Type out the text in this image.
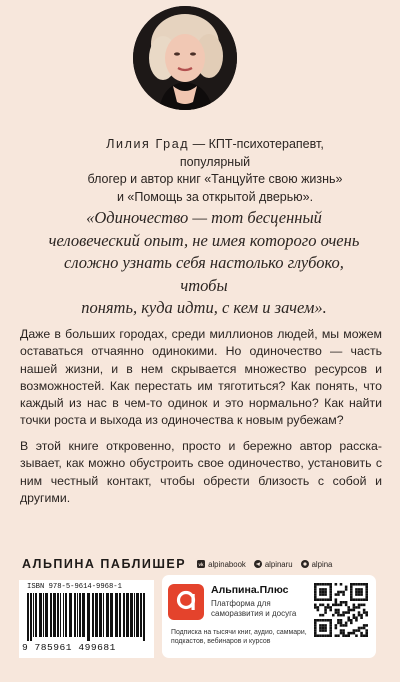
Лилия Град — КПТ-психотерапевт, популярный
блогер и автор книг «Танцуйте свою жизнь»
и «Помощь за открытой дверью».
«Одиночество — тот бесценный
человеческий опыт, не имея которого очень
сложно узнать себя настолько глубоко, чтобы
понять, куда идти, с кем и зачем».
Даже в больших городах, среди миллионов людей, мы можем оставаться отчаянно одинокими. Но одиночество — часть нашей жизни, и в нем скрывается множество ресурсов и возможностей. Как перестать им тяготиться? Как понять, что каждый из нас в чем-то одинок и это нормально? Как найти точки роста и выхода из одиночества к новым рубежам?
В этой книге откровенно, просто и бережно автор рассказывает, как можно обустроить свое одиночество, установить с ним честный контакт, чтобы обрести близость с собой и другими.
АЛЬПИНА ПАБЛИШЕР vk alpinabook alpinaru alpina
ISBN 978-5-9614-9968-1
9 785961 499681
Альпина.Плюс
Платформа для саморазвития и досуга
Подписка на тысячи книг, аудио, саммари, подкастов, вебинаров и курсов
